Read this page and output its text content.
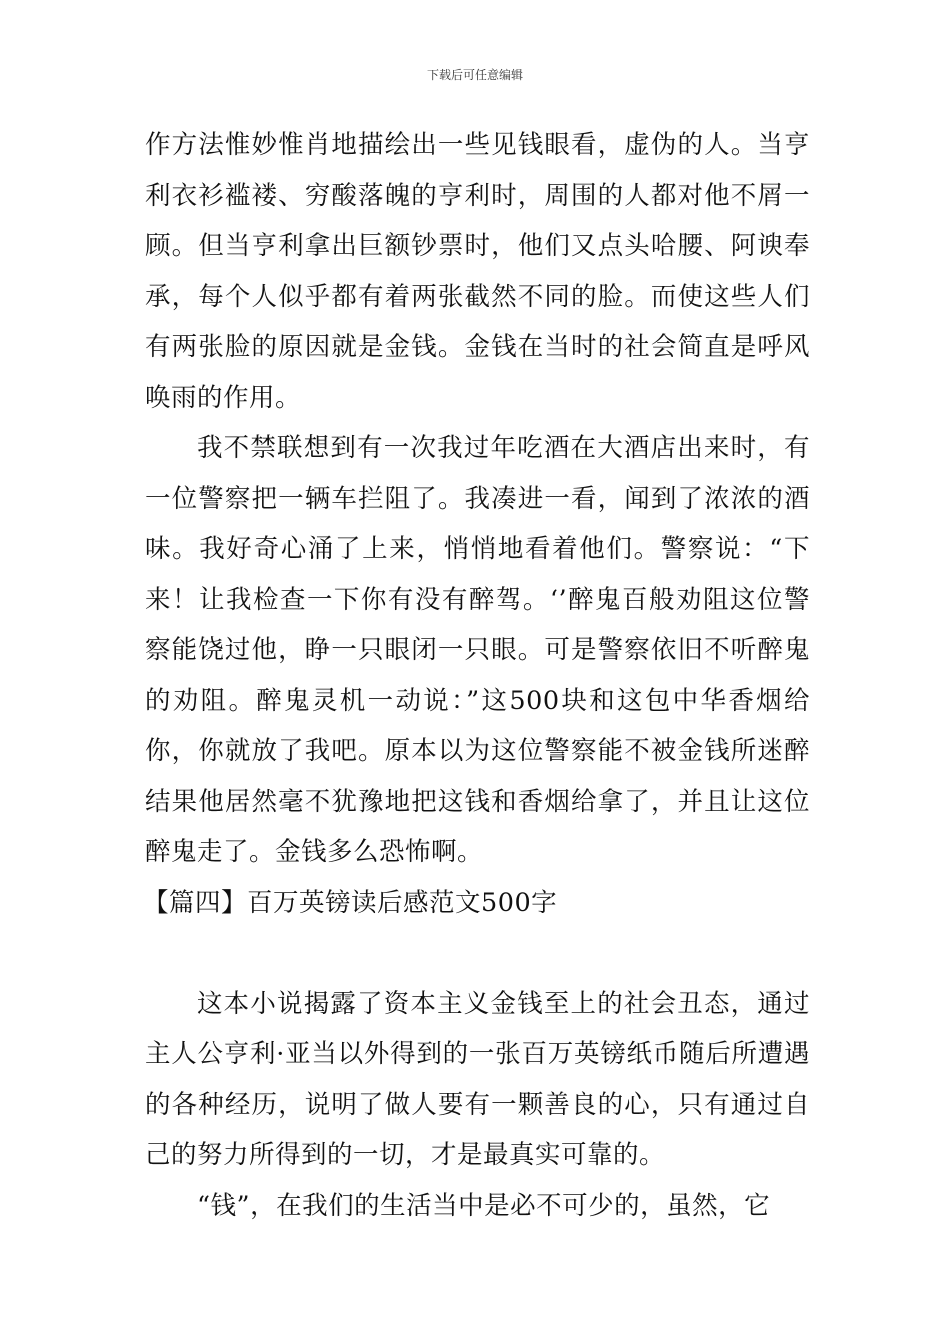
下载后可任意编辑

作方法惟妙惟肖地描绘出一些见钱眼看，虚伪的人。当亨利衣衫褴褛、穷酸落魄的亨利时，周围的人都对他不屑一顾。但当亨利拿出巨额钞票时，他们又点头哈腰、阿谀奉承，每个人似乎都有着两张截然不同的脸。而使这些人们有两张脸的原因就是金钱。金钱在当时的社会简直是呼风唤雨的作用。

我不禁联想到有一次我过年吃酒在大酒店出来时，有一位警察把一辆车拦阻了。我凑进一看，闻到了浓浓的酒味。我好奇心涌了上来，悄悄地看着他们。警察说：“下来！让我检查一下你有没有醉驾。‘’醉鬼百般劝阻这位警察能饶过他，睁一只眼闭一只眼。可是警察依旧不听醉鬼的劝阻。醉鬼灵机一动说：”这500块和这包中华香烟给你，你就放了我吧。原本以为这位警察能不被金钱所迷醉结果他居然毫不犹豫地把这钱和香烟给拿了，并且让这位醉鬼走了。金钱多么恐怖啊。

【篇四】百万英镑读后感范文500字

这本小说揭露了资本主义金钱至上的社会丑态，通过主人公亨利·亚当以外得到的一张百万英镑纸币随后所遭遇的各种经历，说明了做人要有一颗善良的心，只有通过自己的努力所得到的一切，才是最真实可靠的。

“钱”，在我们的生活当中是必不可少的，虽然，它
